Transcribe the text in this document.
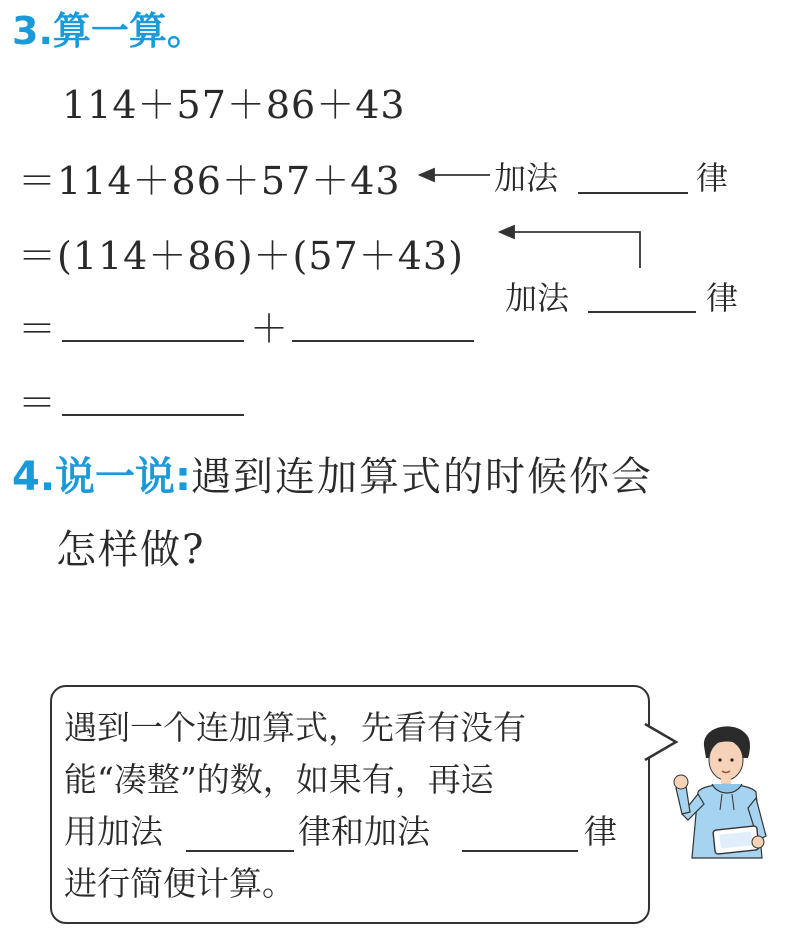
3.算一算。
114＋57＋86＋43
＝114＋86＋57＋43
＝(114＋86)＋(57＋43)
＝	＋
＝
加法	律
加法	律
4.说一说:遇到连加算式的时候你会
怎样做?
遇到一个连加算式，先看有没有
能“凑整”的数，如果有，再运
用加法	律和加法	律
进行简便计算。
